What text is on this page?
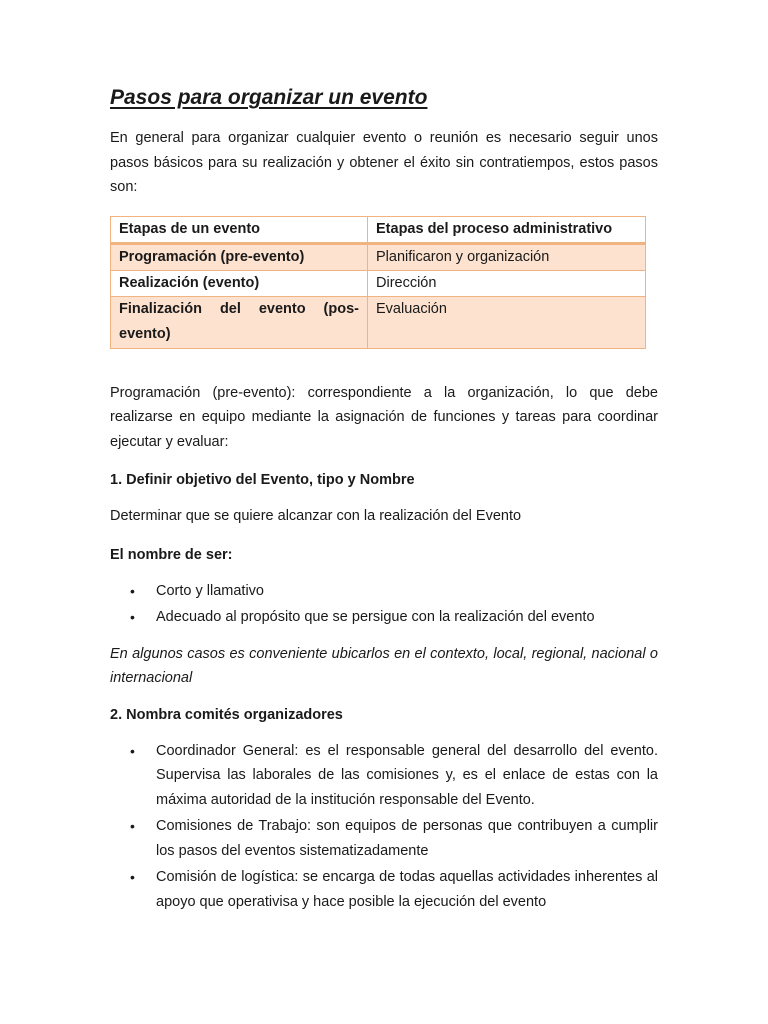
Pasos para organizar un evento

En general para organizar cualquier evento o reunión es necesario seguir unos pasos básicos para su realización y obtener el éxito sin contratiempos, estos pasos son:

Etapas de un evento	Etapas del proceso administrativo
Programación (pre-evento)	Planificaron y organización
Realización (evento)	Dirección
Finalización del evento (pos-evento)	Evaluación

Programación (pre-evento): correspondiente a la organización, lo que debe realizarse en equipo mediante la asignación de funciones y tareas para coordinar ejecutar y evaluar:

1. Definir objetivo del Evento, tipo y Nombre

Determinar que se quiere alcanzar con la realización del Evento

El nombre de ser:
• Corto y llamativo
• Adecuado al propósito que se persigue con la realización del evento

En algunos casos es conveniente ubicarlos en el contexto, local, regional, nacional o internacional

2. Nombra comités organizadores
• Coordinador General: es el responsable general del desarrollo del evento. Supervisa las laborales de las comisiones y, es el enlace de estas con la máxima autoridad de la institución responsable del Evento.
• Comisiones de Trabajo: son equipos de personas que contribuyen a cumplir los pasos del eventos sistematizadamente
• Comisión de logística: se encarga de todas aquellas actividades inherentes al apoyo que operativisa y hace posible la ejecución del evento
